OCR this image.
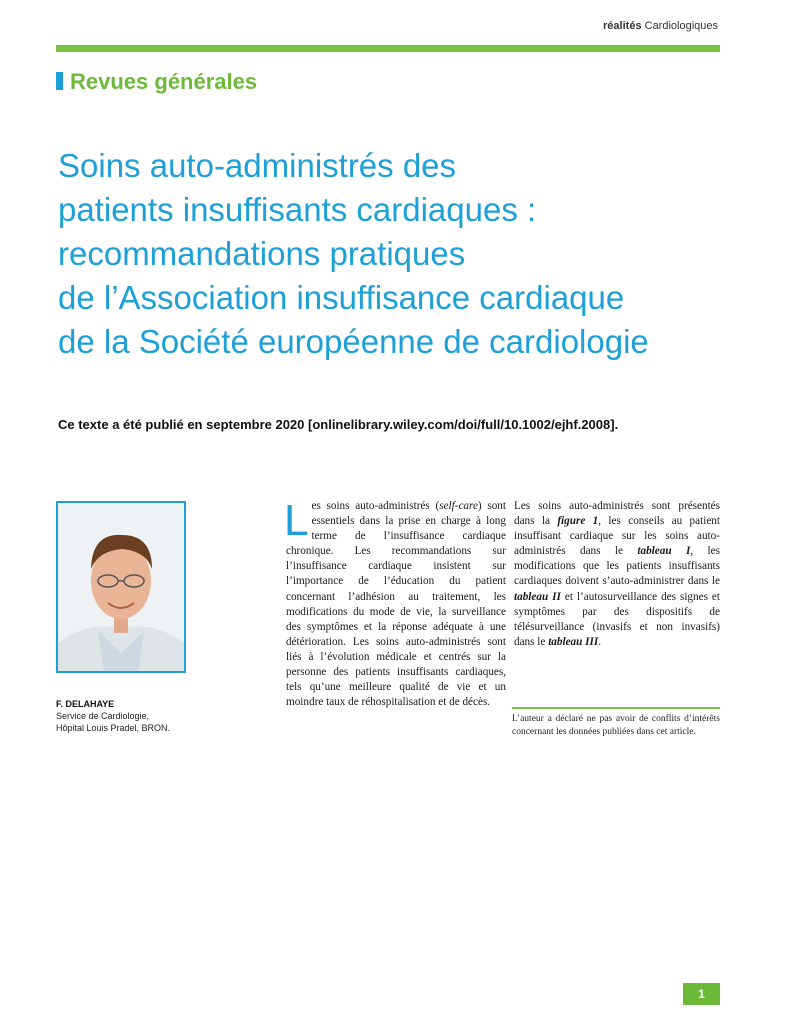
réalités Cardiologiques
Revues générales
Soins auto-administrés des
patients insuffisants cardiaques :
recommandations pratiques
de l’Association insuffisance cardiaque
de la Société européenne de cardiologie
Ce texte a été publié en septembre 2020 [onlinelibrary.wiley.com/doi/full/10.1002/ejhf.2008].
F. DELAHAYE
Service de Cardiologie,
Hôpital Louis Pradel, BRON.
L es soins auto-administrés (self-care) sont essentiels dans la prise en charge à long terme de l’insuffisance cardiaque chronique. Les recommandations sur l’insuffisance cardiaque insistent sur l’importance de l’éducation du patient concernant l’adhésion au traitement, les modifications du mode de vie, la surveillance des symptômes et la réponse adéquate à une détérioration. Les soins auto-administrés sont liés à l’évolution médicale et centrés sur la personne des patients insuffisants cardiaques, tels qu’une meilleure qualité de vie et un moindre taux de réhospitalisation et de décès.

Les soins auto-administrés sont présentés dans la figure 1, les conseils au patient insuffisant cardiaque sur les soins auto-administrés dans le tableau I, les modifications que les patients insuffisants cardiaques doivent s’auto-administrer dans le tableau II et l’autosurveillance des signes et symptômes par des dispositifs de télésurveillance (invasifs et non invasifs) dans le tableau III.

L’auteur a déclaré ne pas avoir de conflits d’intérêts concernant les données publiées dans cet article.
1
